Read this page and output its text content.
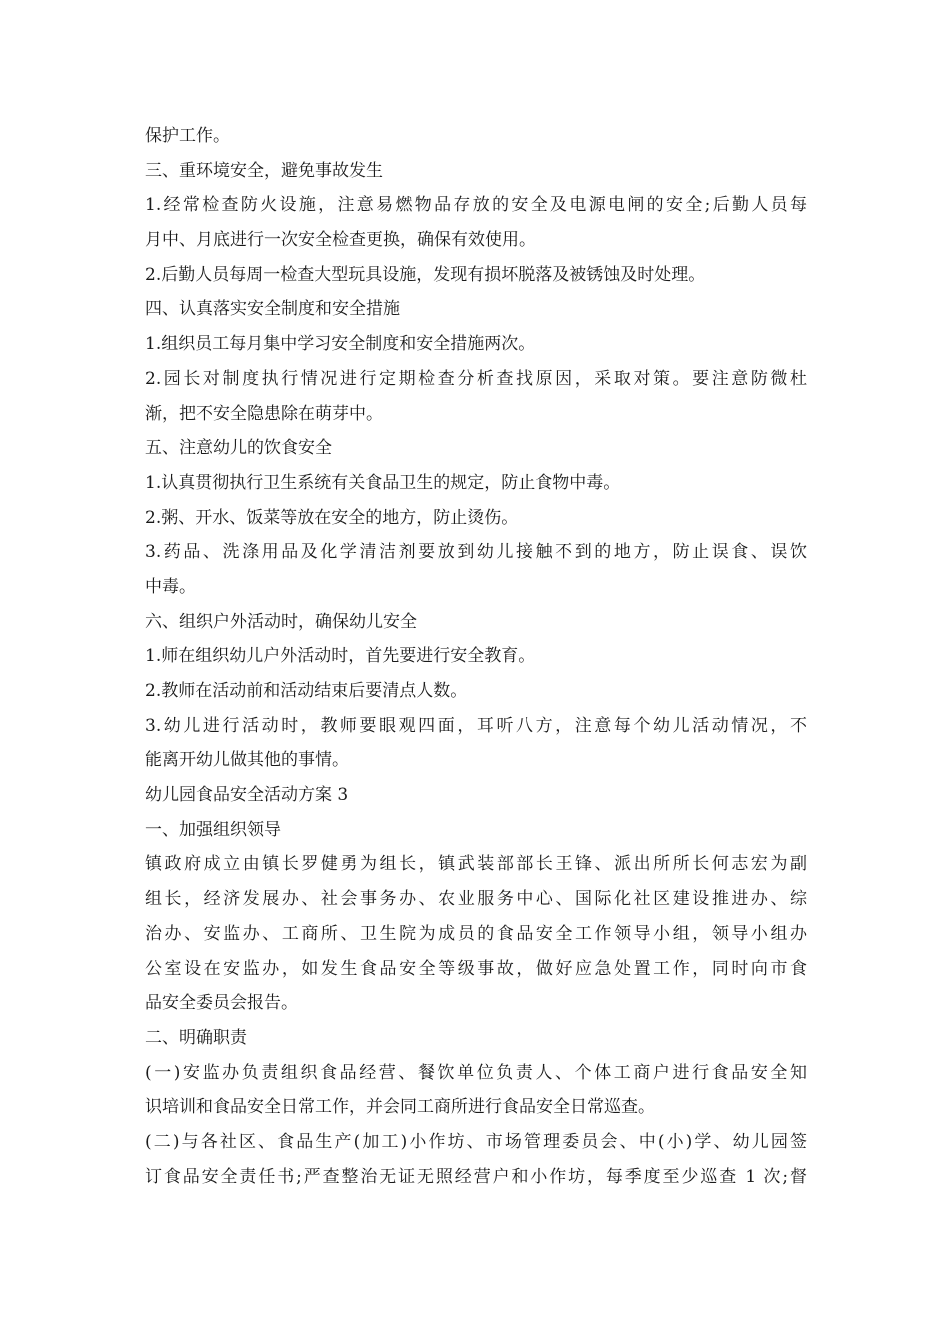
保护工作。

三、重环境安全，避免事故发生

1.经常检查防火设施，注意易燃物品存放的安全及电源电闸的安全;后勤人员每

月中、月底进行一次安全检查更换，确保有效使用。

2.后勤人员每周一检查大型玩具设施，发现有损坏脱落及被锈蚀及时处理。

四、认真落实安全制度和安全措施

1.组织员工每月集中学习安全制度和安全措施两次。

2.园长对制度执行情况进行定期检查分析查找原因，采取对策。要注意防微杜

渐，把不安全隐患除在萌芽中。

五、注意幼儿的饮食安全

1.认真贯彻执行卫生系统有关食品卫生的规定，防止食物中毒。

2.粥、开水、饭菜等放在安全的地方，防止烫伤。

3.药品、洗涤用品及化学清洁剂要放到幼儿接触不到的地方，防止误食、误饮

中毒。

六、组织户外活动时，确保幼儿安全

1.师在组织幼儿户外活动时，首先要进行安全教育。

2.教师在活动前和活动结束后要清点人数。

3.幼儿进行活动时，教师要眼观四面，耳听八方，注意每个幼儿活动情况，不

能离开幼儿做其他的事情。

幼儿园食品安全活动方案 3

一、加强组织领导

镇政府成立由镇长罗健勇为组长，镇武装部部长王锋、派出所所长何志宏为副

组长，经济发展办、社会事务办、农业服务中心、国际化社区建设推进办、综

治办、安监办、工商所、卫生院为成员的食品安全工作领导小组，领导小组办

公室设在安监办，如发生食品安全等级事故，做好应急处置工作，同时向市食

品安全委员会报告。

二、明确职责

(一)安监办负责组织食品经营、餐饮单位负责人、个体工商户进行食品安全知

识培训和食品安全日常工作，并会同工商所进行食品安全日常巡查。

(二)与各社区、食品生产(加工)小作坊、市场管理委员会、中(小)学、幼儿园签

订食品安全责任书;严查整治无证无照经营户和小作坊，每季度至少巡查 1 次;督
